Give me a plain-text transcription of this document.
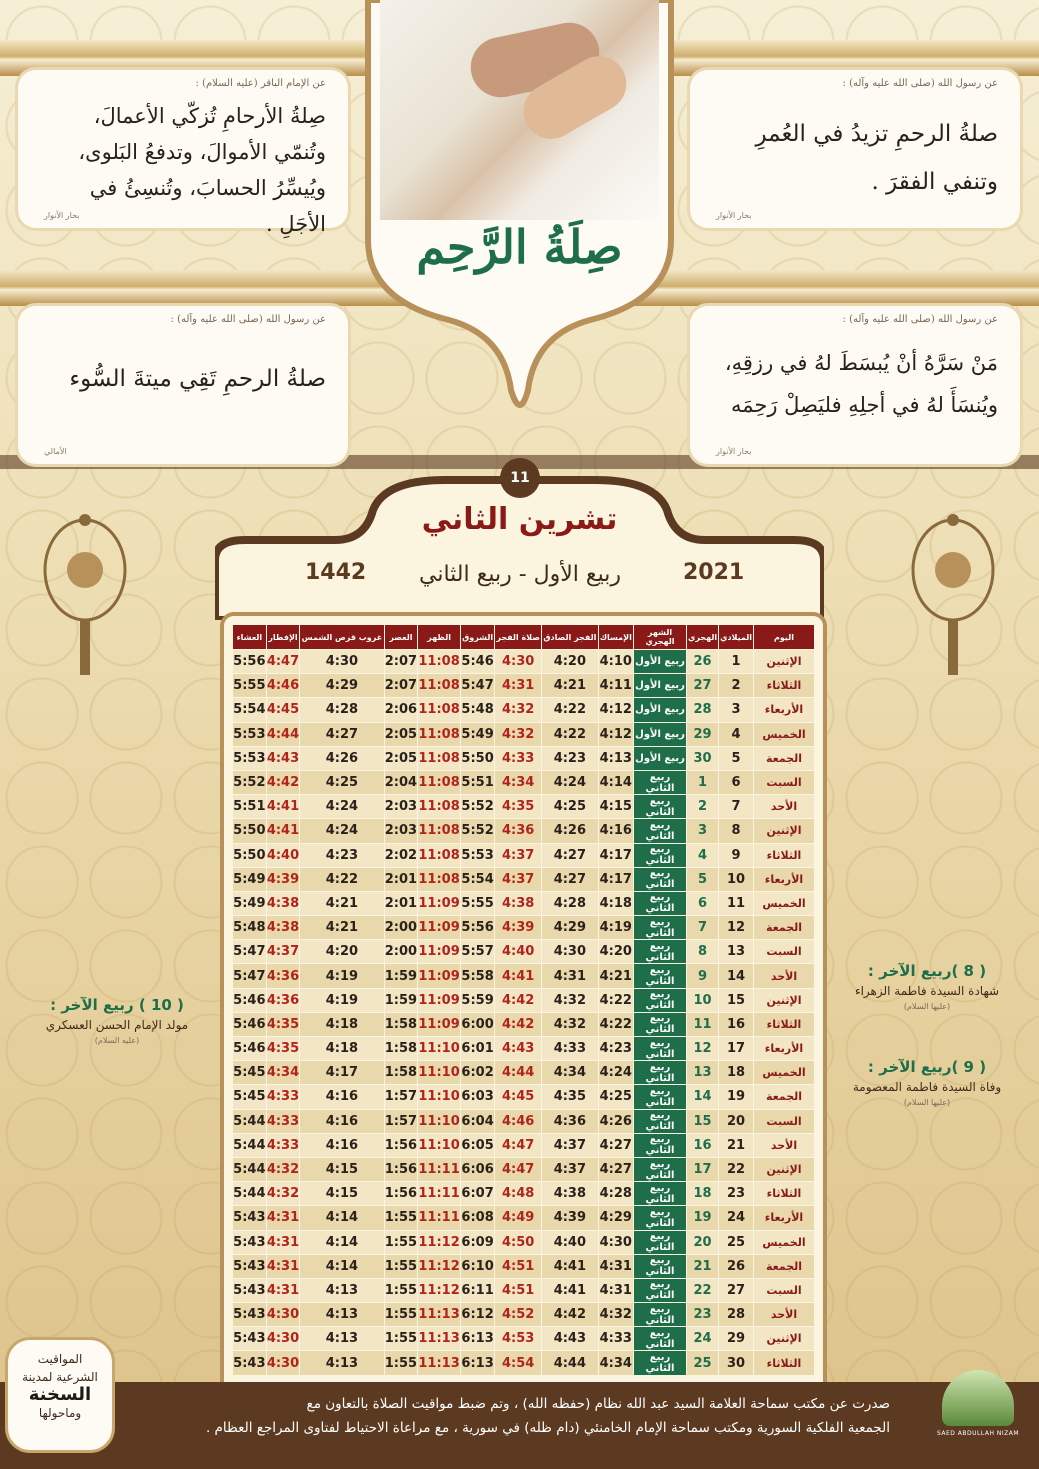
عن الإمام الباقر (عليه السلام) :
صِلةُ الأرحامِ تُزكّي الأعمالَ،
وتُنمّي الأموالَ، وتدفعُ البَلوى،
ويُيسِّرُ الحسابَ، وتُنسِئُ في الأجَلِ .
بحار الأنوار
عن رسول الله (صلى الله عليه وآله) :
صلةُ الرحمِ تزيدُ في العُمرِ
وتنفي الفقرَ .
بحار الأنوار
عن رسول الله (صلى الله عليه وآله) :
صلةُ الرحمِ تَقِي ميتةَ السُّوء
الأمالي
عن رسول الله (صلى الله عليه وآله) :
مَنْ سَرَّهُ أنْ يُبسَطَ لهُ في رزقِهِ،
ويُنسَأَ لهُ في أجلِهِ فليَصِلْ رَحِمَه
بحار الأنوار
صِلَةُ الرَّحِم
11
تشرين الثاني
1442	2021
ربيع الأول - ربيع الثاني
اليوم	الميلادي	الهجري	الشهر الهجري	الإمساك	الفجر الصادق	صلاة الفجر	الشروق	الظهر	العصر	غروب قرص الشمس	الإفطار	العشاء
الإثنين	1	26	ربيع الأول	4:10	4:20	4:30	5:46	11:08	2:07	4:30	4:47	5:56
الثلاثاء	2	27	ربيع الأول	4:11	4:21	4:31	5:47	11:08	2:07	4:29	4:46	5:55
الأربعاء	3	28	ربيع الأول	4:12	4:22	4:32	5:48	11:08	2:06	4:28	4:45	5:54
الخميس	4	29	ربيع الأول	4:12	4:22	4:32	5:49	11:08	2:05	4:27	4:44	5:53
الجمعة	5	30	ربيع الأول	4:13	4:23	4:33	5:50	11:08	2:05	4:26	4:43	5:53
السبت	6	1	ربيع الثاني	4:14	4:24	4:34	5:51	11:08	2:04	4:25	4:42	5:52
الأحد	7	2	ربيع الثاني	4:15	4:25	4:35	5:52	11:08	2:03	4:24	4:41	5:51
الإثنين	8	3	ربيع الثاني	4:16	4:26	4:36	5:52	11:08	2:03	4:24	4:41	5:50
الثلاثاء	9	4	ربيع الثاني	4:17	4:27	4:37	5:53	11:08	2:02	4:23	4:40	5:50
الأربعاء	10	5	ربيع الثاني	4:17	4:27	4:37	5:54	11:08	2:01	4:22	4:39	5:49
الخميس	11	6	ربيع الثاني	4:18	4:28	4:38	5:55	11:09	2:01	4:21	4:38	5:49
الجمعة	12	7	ربيع الثاني	4:19	4:29	4:39	5:56	11:09	2:00	4:21	4:38	5:48
السبت	13	8	ربيع الثاني	4:20	4:30	4:40	5:57	11:09	2:00	4:20	4:37	5:47
الأحد	14	9	ربيع الثاني	4:21	4:31	4:41	5:58	11:09	1:59	4:19	4:36	5:47
الإثنين	15	10	ربيع الثاني	4:22	4:32	4:42	5:59	11:09	1:59	4:19	4:36	5:46
الثلاثاء	16	11	ربيع الثاني	4:22	4:32	4:42	6:00	11:09	1:58	4:18	4:35	5:46
الأربعاء	17	12	ربيع الثاني	4:23	4:33	4:43	6:01	11:10	1:58	4:18	4:35	5:46
الخميس	18	13	ربيع الثاني	4:24	4:34	4:44	6:02	11:10	1:58	4:17	4:34	5:45
الجمعة	19	14	ربيع الثاني	4:25	4:35	4:45	6:03	11:10	1:57	4:16	4:33	5:45
السبت	20	15	ربيع الثاني	4:26	4:36	4:46	6:04	11:10	1:57	4:16	4:33	5:44
الأحد	21	16	ربيع الثاني	4:27	4:37	4:47	6:05	11:10	1:56	4:16	4:33	5:44
الإثنين	22	17	ربيع الثاني	4:27	4:37	4:47	6:06	11:11	1:56	4:15	4:32	5:44
الثلاثاء	23	18	ربيع الثاني	4:28	4:38	4:48	6:07	11:11	1:56	4:15	4:32	5:44
الأربعاء	24	19	ربيع الثاني	4:29	4:39	4:49	6:08	11:11	1:55	4:14	4:31	5:43
الخميس	25	20	ربيع الثاني	4:30	4:40	4:50	6:09	11:12	1:55	4:14	4:31	5:43
الجمعة	26	21	ربيع الثاني	4:31	4:41	4:51	6:10	11:12	1:55	4:14	4:31	5:43
السبت	27	22	ربيع الثاني	4:31	4:41	4:51	6:11	11:12	1:55	4:13	4:31	5:43
الأحد	28	23	ربيع الثاني	4:32	4:42	4:52	6:12	11:13	1:55	4:13	4:30	5:43
الإثنين	29	24	ربيع الثاني	4:33	4:43	4:53	6:13	11:13	1:55	4:13	4:30	5:43
الثلاثاء	30	25	ربيع الثاني	4:34	4:44	4:54	6:13	11:13	1:55	4:13	4:30	5:43
( 10 ) ربيع الآخر :
مولد الإمام الحسن العسكري
(عليه السلام)
( 8 )ربيع الآخر :
شهادة السيدة فاطمة الزهراء
(عليها السلام)
( 9 )ربيع الآخر :
وفاة السيدة فاطمة المعصومة
(عليها السلام)
صدرت عن مكتب سماحة العلامة السيد عبد الله نظام (حفظه الله) ، وتم ضبط مواقيت الصلاة بالتعاون مع
الجمعية الفلكية السورية ومكتب سماحة الإمام الخامنئي (دام ظله) في سورية ، مع مراعاة الاحتياط لفتاوى المراجع العظام .
المواقيت
الشرعية لمدينة
السخنة
وماحولها
SAED ABDULLAH NIZAM
